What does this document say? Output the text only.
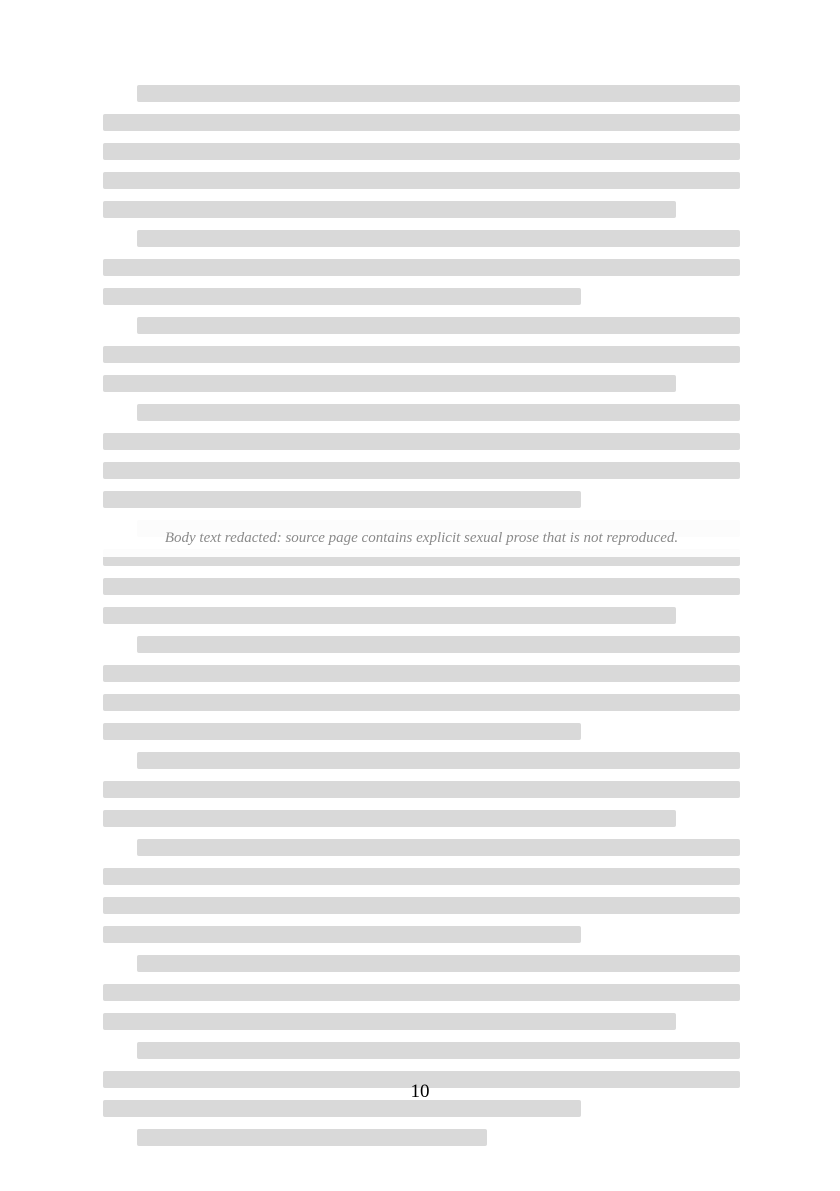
Body text redacted: source page contains explicit sexual prose that is not reproduced.
10
